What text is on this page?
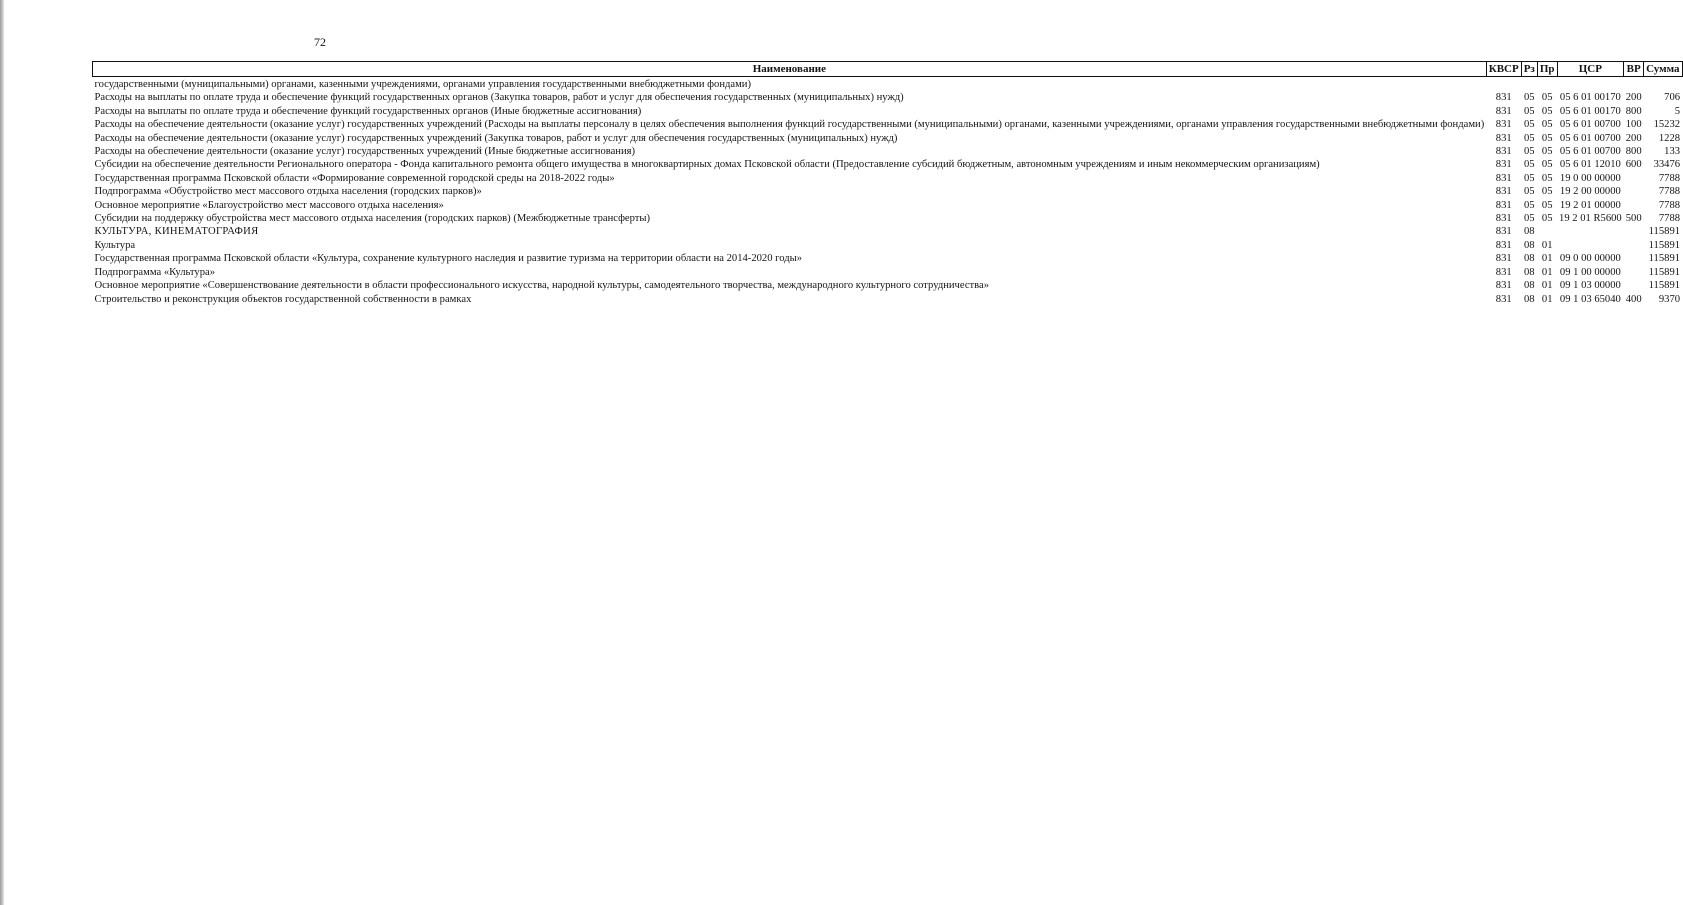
72
Наименование	КВСР	Рз	Пр	ЦСР	ВР	Сумма
государственными (муниципальными) органами, казенными учреждениями, органами управления государственными внебюджетными фондами)						
Расходы на выплаты по оплате труда и обеспечение функций государственных органов (Закупка товаров, работ и услуг для обеспечения государственных (муниципальных) нужд)	831	05	05	05 6 01 00170	200	706
Расходы на выплаты по оплате труда и обеспечение функций государственных органов (Иные бюджетные ассигнования)	831	05	05	05 6 01 00170	800	5
Расходы на обеспечение деятельности (оказание услуг) государственных учреждений (Расходы на выплаты персоналу в целях обеспечения выполнения функций государственными (муниципальными) органами, казенными учреждениями, органами управления государственными внебюджетными фондами)	831	05	05	05 6 01 00700	100	15232
Расходы на обеспечение деятельности (оказание услуг) государственных учреждений (Закупка товаров, работ и услуг для обеспечения государственных (муниципальных) нужд)	831	05	05	05 6 01 00700	200	1228
Расходы на обеспечение деятельности (оказание услуг) государственных учреждений (Иные бюджетные ассигнования)	831	05	05	05 6 01 00700	800	133
Субсидии на обеспечение деятельности Регионального оператора - Фонда капитального ремонта общего имущества в многоквартирных домах Псковской области (Предоставление субсидий бюджетным, автономным учреждениям и иным некоммерческим организациям)	831	05	05	05 6 01 12010	600	33476
Государственная программа Псковской области «Формирование современной городской среды на 2018-2022 годы»	831	05	05	19 0 00 00000		7788
Подпрограмма «Обустройство мест массового отдыха населения (городских парков)»	831	05	05	19 2 00 00000		7788
Основное мероприятие «Благоустройство мест массового отдыха населения»	831	05	05	19 2 01 00000		7788
Субсидии на поддержку обустройства мест массового отдыха населения (городских парков) (Межбюджетные трансферты)	831	05	05	19 2 01 R5600	500	7788
КУЛЬТУРА, КИНЕМАТОГРАФИЯ	831	08				115891
Культура	831	08	01			115891
Государственная программа Псковской области «Культура, сохранение культурного наследия и развитие туризма на территории области на 2014-2020 годы»	831	08	01	09 0 00 00000		115891
Подпрограмма «Культура»	831	08	01	09 1 00 00000		115891
Основное мероприятие «Совершенствование деятельности в области профессионального искусства, народной культуры, самодеятельного творчества, международного культурного сотрудничества»	831	08	01	09 1 03 00000		115891
Строительство и реконструкция объектов государственной собственности в рамках	831	08	01	09 1 03 65040	400	9370
